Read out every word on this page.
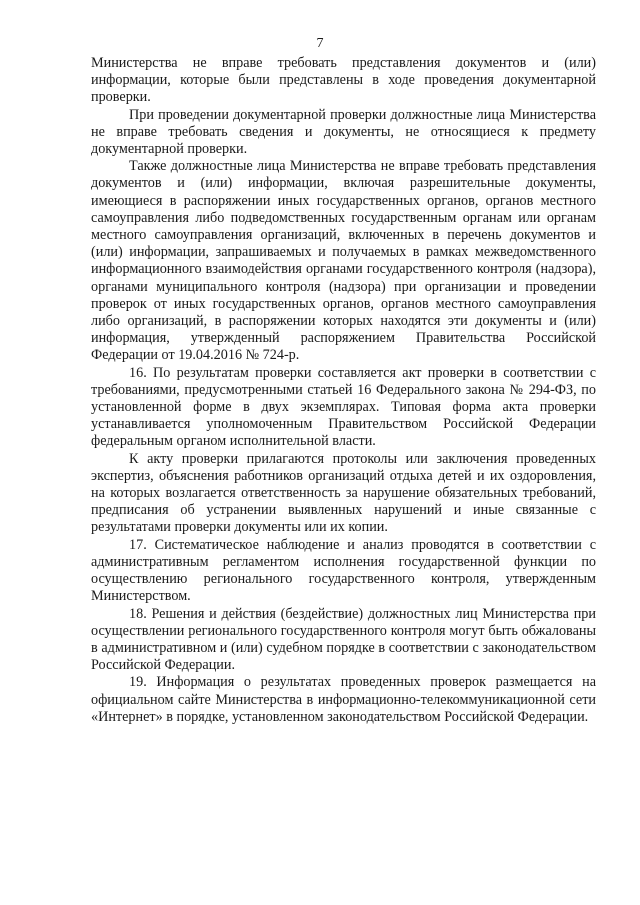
7

Министерства не вправе требовать представления документов и (или) информации, которые были представлены в ходе проведения документарной проверки.

При проведении документарной проверки должностные лица Министерства не вправе требовать сведения и документы, не относящиеся к предмету документарной проверки.

Также должностные лица Министерства не вправе требовать представления документов и (или) информации, включая разрешительные документы, имеющиеся в распоряжении иных государственных органов, органов местного самоуправления либо подведомственных государственным органам или органам местного самоуправления организаций, включенных в перечень документов и (или) информации, запрашиваемых и получаемых в рамках межведомственного информационного взаимодействия органами государственного контроля (надзора), органами муниципального контроля (надзора) при организации и проведении проверок от иных государственных органов, органов местного самоуправления либо организаций, в распоряжении которых находятся эти документы и (или) информация, утвержденный распоряжением Правительства Российской Федерации от 19.04.2016 № 724-р.

16. По результатам проверки составляется акт проверки в соответствии с требованиями, предусмотренными статьей 16 Федерального закона № 294-ФЗ, по установленной форме в двух экземплярах. Типовая форма акта проверки устанавливается уполномоченным Правительством Российской Федерации федеральным органом исполнительной власти.

К акту проверки прилагаются протоколы или заключения проведенных экспертиз, объяснения работников организаций отдыха детей и их оздоровления, на которых возлагается ответственность за нарушение обязательных требований, предписания об устранении выявленных нарушений и иные связанные с результатами проверки документы или их копии.

17. Систематическое наблюдение и анализ проводятся в соответствии с административным регламентом исполнения государственной функции по осуществлению регионального государственного контроля, утвержденным Министерством.

18. Решения и действия (бездействие) должностных лиц Министерства при осуществлении регионального государственного контроля могут быть обжалованы в административном и (или) судебном порядке в соответствии с законодательством Российской Федерации.

19. Информация о результатах проведенных проверок размещается на официальном сайте Министерства в информационно-телекоммуникационной сети «Интернет» в порядке, установленном законодательством Российской Федерации.
